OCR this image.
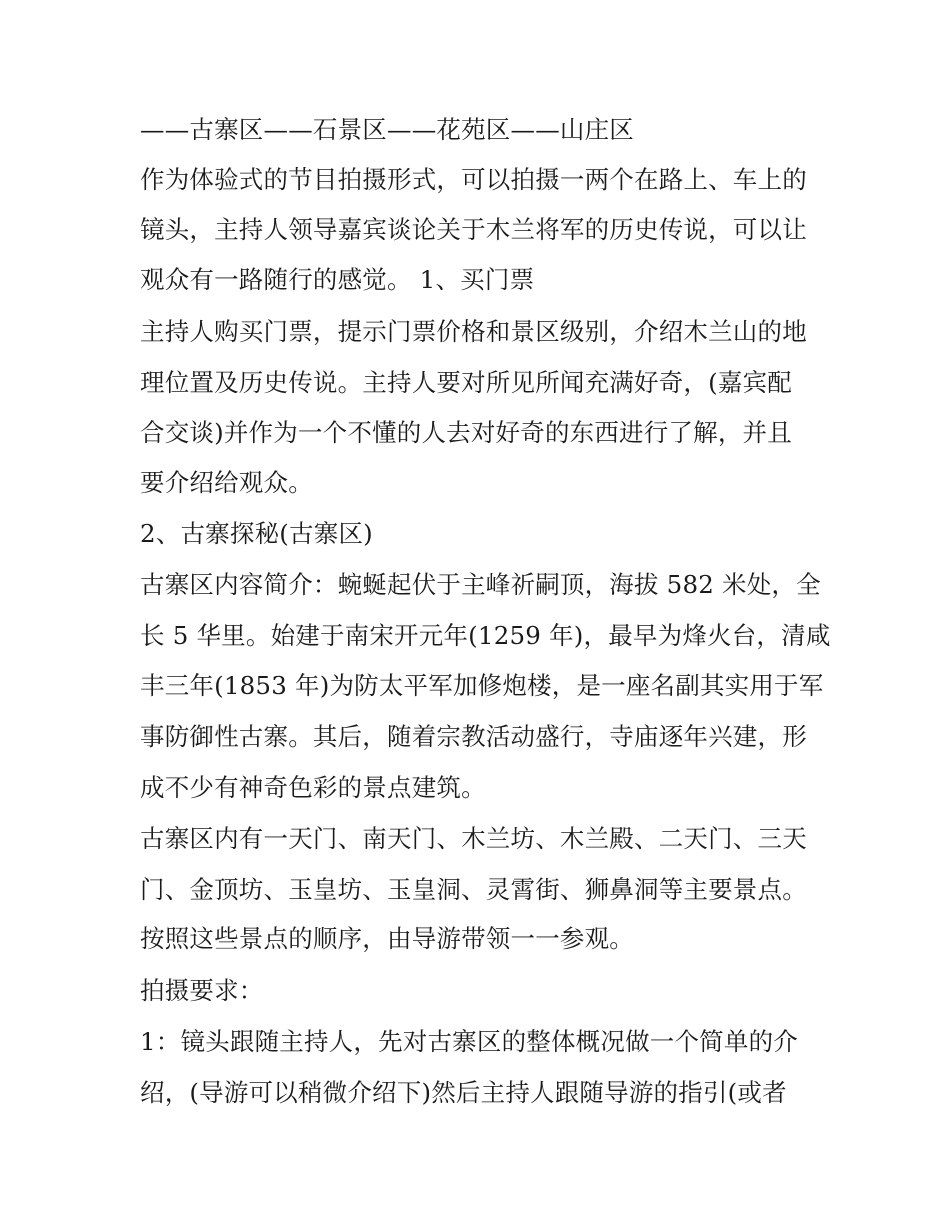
——古寨区——石景区——花苑区——山庄区
作为体验式的节目拍摄形式，可以拍摄一两个在路上、车上的
镜头，主持人领导嘉宾谈论关于木兰将军的历史传说，可以让
观众有一路随行的感觉。 1、买门票
主持人购买门票，提示门票价格和景区级别，介绍木兰山的地
理位置及历史传说。主持人要对所见所闻充满好奇，(嘉宾配
合交谈)并作为一个不懂的人去对好奇的东西进行了解，并且
要介绍给观众。
2、古寨探秘(古寨区)
古寨区内容简介：蜿蜒起伏于主峰祈嗣顶，海拔 582 米处，全
长 5 华里。始建于南宋开元年(1259 年)，最早为烽火台，清咸
丰三年(1853 年)为防太平军加修炮楼，是一座名副其实用于军
事防御性古寨。其后，随着宗教活动盛行，寺庙逐年兴建，形
成不少有神奇色彩的景点建筑。
古寨区内有一天门、南天门、木兰坊、木兰殿、二天门、三天
门、金顶坊、玉皇坊、玉皇洞、灵霄街、狮鼻洞等主要景点。
按照这些景点的顺序，由导游带领一一参观。
拍摄要求：
1：镜头跟随主持人，先对古寨区的整体概况做一个简单的介
绍，(导游可以稍微介绍下)然后主持人跟随导游的指引(或者
